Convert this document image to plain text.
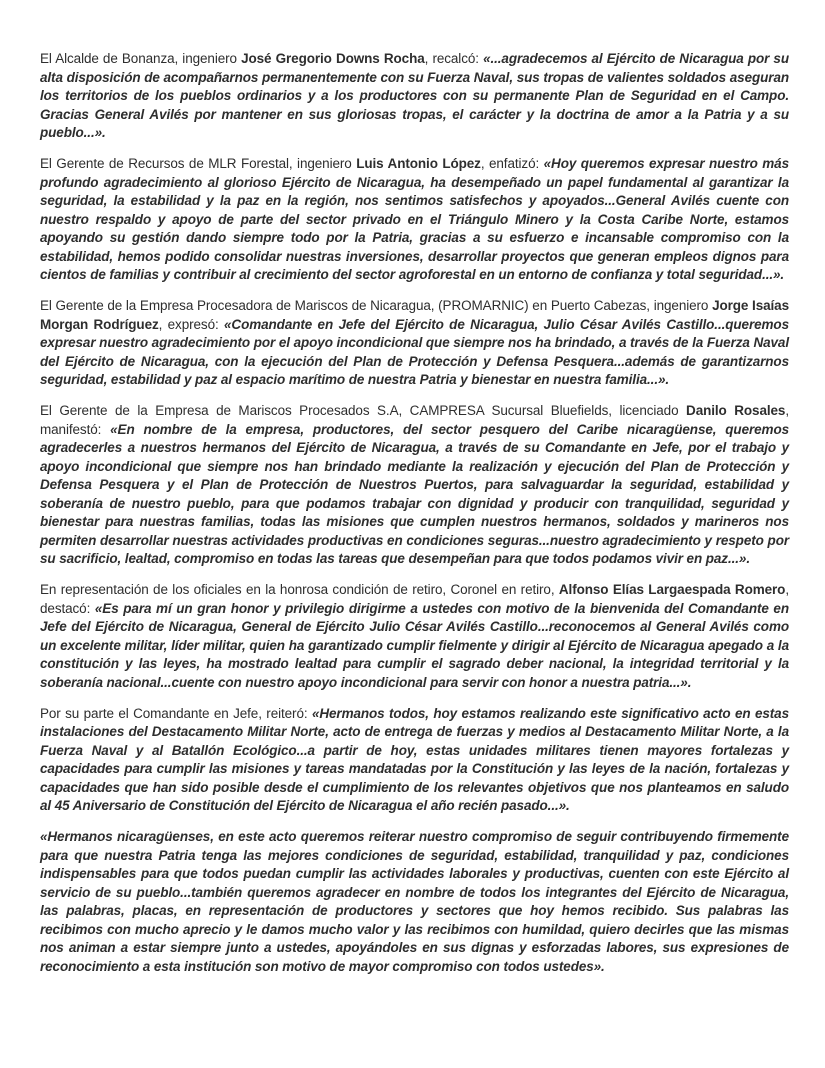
El Alcalde de Bonanza, ingeniero José Gregorio Downs Rocha, recalcó: «...agradecemos al Ejército de Nicaragua por su alta disposición de acompañarnos permanentemente con su Fuerza Naval, sus tropas de valientes soldados aseguran los territorios de los pueblos ordinarios y a los productores con su permanente Plan de Seguridad en el Campo. Gracias General Avilés por mantener en sus gloriosas tropas, el carácter y la doctrina de amor a la Patria y a su pueblo...».

El Gerente de Recursos de MLR Forestal, ingeniero Luis Antonio López, enfatizó: «Hoy queremos expresar nuestro más profundo agradecimiento al glorioso Ejército de Nicaragua, ha desempeñado un papel fundamental al garantizar la seguridad, la estabilidad y la paz en la región, nos sentimos satisfechos y apoyados...General Avilés cuente con nuestro respaldo y apoyo de parte del sector privado en el Triángulo Minero y la Costa Caribe Norte, estamos apoyando su gestión dando siempre todo por la Patria, gracias a su esfuerzo e incansable compromiso con la estabilidad, hemos podido consolidar nuestras inversiones, desarrollar proyectos que generan empleos dignos para cientos de familias y contribuir al crecimiento del sector agroforestal en un entorno de confianza y total seguridad...».

El Gerente de la Empresa Procesadora de Mariscos de Nicaragua, (PROMARNIC) en Puerto Cabezas, ingeniero Jorge Isaías Morgan Rodríguez, expresó: «Comandante en Jefe del Ejército de Nicaragua, Julio César Avilés Castillo...queremos expresar nuestro agradecimiento por el apoyo incondicional que siempre nos ha brindado, a través de la Fuerza Naval del Ejército de Nicaragua, con la ejecución del Plan de Protección y Defensa Pesquera...además de garantizarnos seguridad, estabilidad y paz al espacio marítimo de nuestra Patria y bienestar en nuestra familia...».

El Gerente de la Empresa de Mariscos Procesados S.A, CAMPRESA Sucursal Bluefields, licenciado Danilo Rosales, manifestó: «En nombre de la empresa, productores, del sector pesquero del Caribe nicaragüense, queremos agradecerles a nuestros hermanos del Ejército de Nicaragua, a través de su Comandante en Jefe, por el trabajo y apoyo incondicional que siempre nos han brindado mediante la realización y ejecución del Plan de Protección y Defensa Pesquera y el Plan de Protección de Nuestros Puertos, para salvaguardar la seguridad, estabilidad y soberanía de nuestro pueblo, para que podamos trabajar con dignidad y producir con tranquilidad, seguridad y bienestar para nuestras familias, todas las misiones que cumplen nuestros hermanos, soldados y marineros nos permiten desarrollar nuestras actividades productivas en condiciones seguras...nuestro agradecimiento y respeto por su sacrificio, lealtad, compromiso en todas las tareas que desempeñan para que todos podamos vivir en paz...».

En representación de los oficiales en la honrosa condición de retiro, Coronel en retiro, Alfonso Elías Largaespada Romero, destacó: «Es para mí un gran honor y privilegio dirigirme a ustedes con motivo de la bienvenida del Comandante en Jefe del Ejército de Nicaragua, General de Ejército Julio César Avilés Castillo...reconocemos al General Avilés como un excelente militar, líder militar, quien ha garantizado cumplir fielmente y dirigir al Ejército de Nicaragua apegado a la constitución y las leyes, ha mostrado lealtad para cumplir el sagrado deber nacional, la integridad territorial y la soberanía nacional...cuente con nuestro apoyo incondicional para servir con honor a nuestra patria...».

Por su parte el Comandante en Jefe, reiteró: «Hermanos todos, hoy estamos realizando este significativo acto en estas instalaciones del Destacamento Militar Norte, acto de entrega de fuerzas y medios al Destacamento Militar Norte, a la Fuerza Naval y al Batallón Ecológico...a partir de hoy, estas unidades militares tienen mayores fortalezas y capacidades para cumplir las misiones y tareas mandatadas por la Constitución y las leyes de la nación, fortalezas y capacidades que han sido posible desde el cumplimiento de los relevantes objetivos que nos planteamos en saludo al 45 Aniversario de Constitución del Ejército de Nicaragua el año recién pasado...».

«Hermanos nicaragüenses, en este acto queremos reiterar nuestro compromiso de seguir contribuyendo firmemente para que nuestra Patria tenga las mejores condiciones de seguridad, estabilidad, tranquilidad y paz, condiciones indispensables para que todos puedan cumplir las actividades laborales y productivas, cuenten con este Ejército al servicio de su pueblo...también queremos agradecer en nombre de todos los integrantes del Ejército de Nicaragua, las palabras, placas, en representación de productores y sectores que hoy hemos recibido. Sus palabras las recibimos con mucho aprecio y le damos mucho valor y las recibimos con humildad, quiero decirles que las mismas nos animan a estar siempre junto a ustedes, apoyándoles en sus dignas y esforzadas labores, sus expresiones de reconocimiento a esta institución son motivo de mayor compromiso con todos ustedes».
